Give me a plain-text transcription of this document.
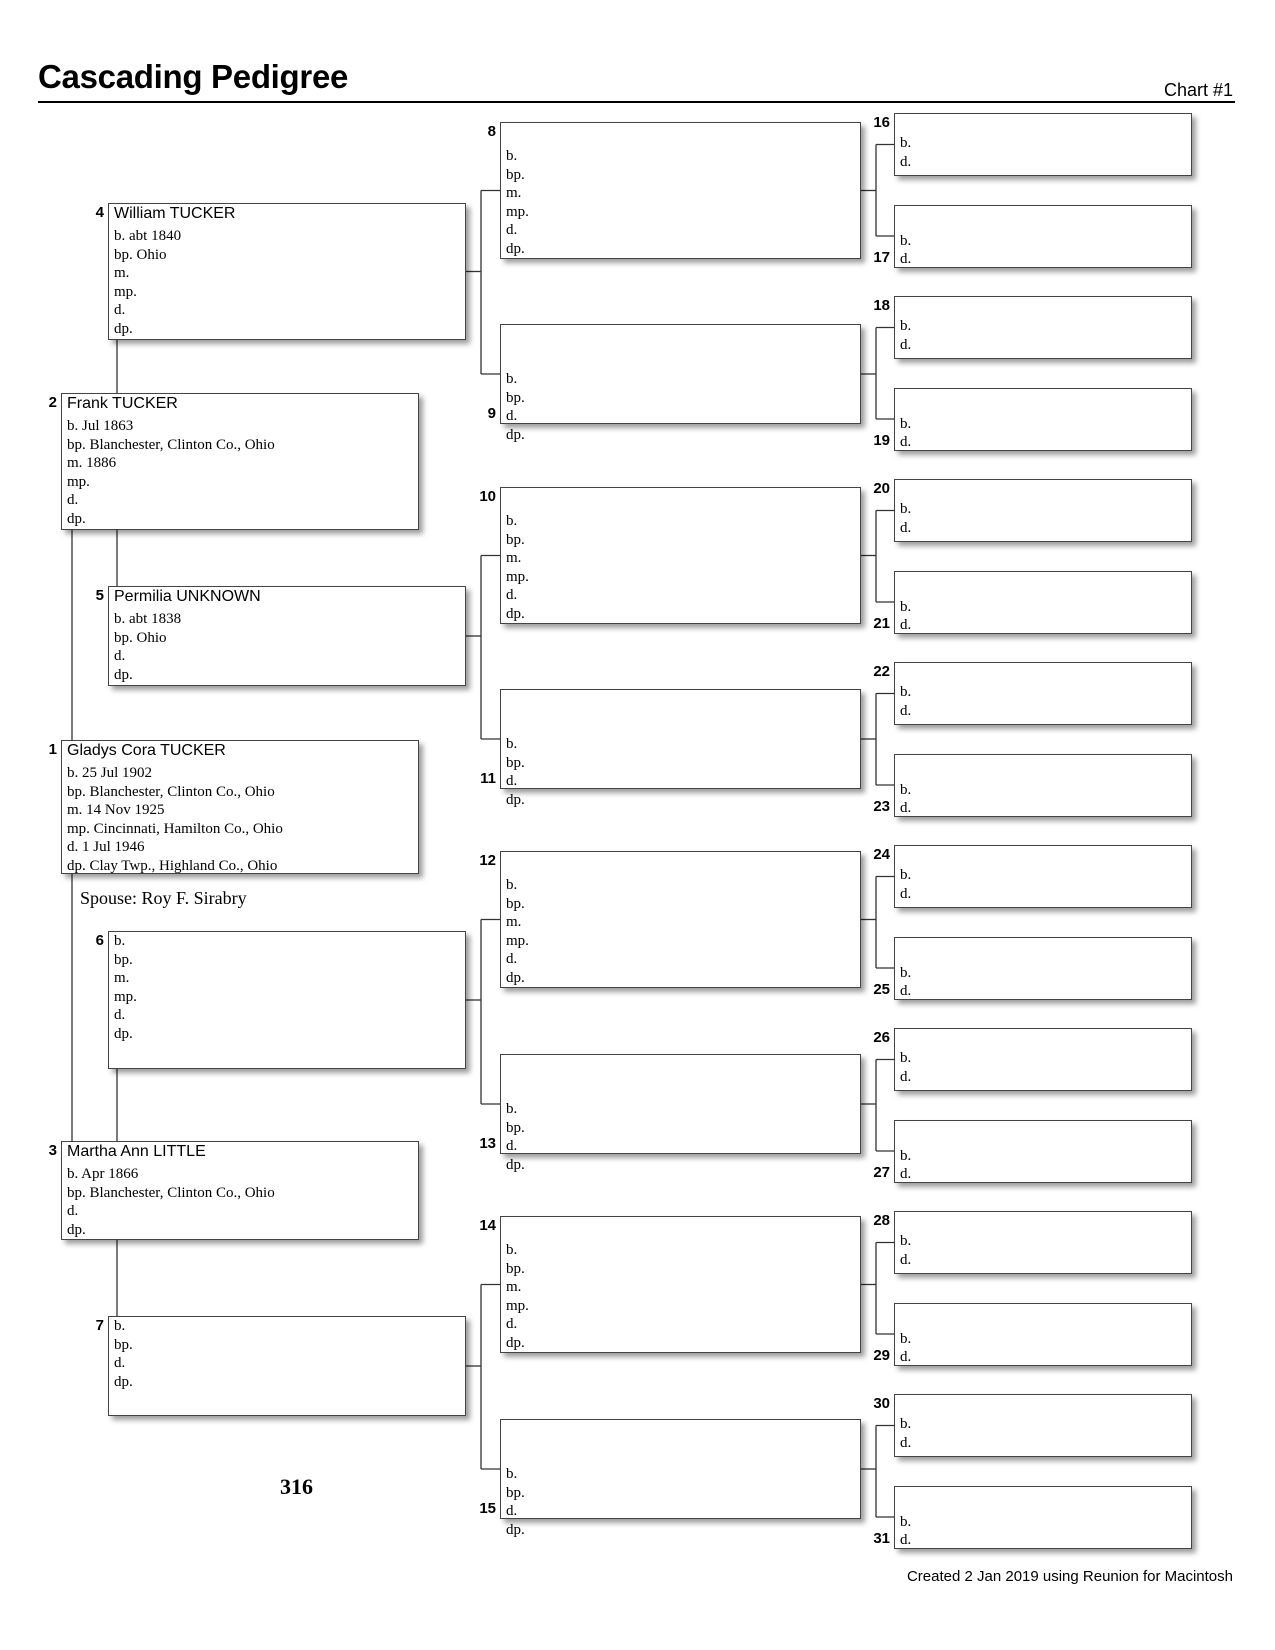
Cascading Pedigree	Chart #1
Gladys Cora TUCKER
b. 25 Jul 1902
bp. Blanchester, Clinton Co., Ohio
m. 14 Nov 1925
mp. Cincinnati, Hamilton Co., Ohio
d. 1 Jul 1946
dp. Clay Twp., Highland Co., Ohio
1
Frank TUCKER
b. Jul 1863
bp. Blanchester, Clinton Co., Ohio
m. 1886
mp.
d.
dp.
2
Martha Ann LITTLE
b. Apr 1866
bp. Blanchester, Clinton Co., Ohio
d.
dp.
3
William TUCKER
b. abt 1840
bp. Ohio
m.
mp.
d.
dp.
4
Permilia UNKNOWN
b. abt 1838
bp. Ohio
d.
dp.
5
b.
bp.
m.
mp.
d.
dp.
6
b.
bp.
d.
dp.
7
b.
bp.
m.
mp.
d.
dp.
8
b.
bp.
d.
dp.
9
b.
bp.
m.
mp.
d.
dp.
10
b.
bp.
d.
dp.
11
b.
bp.
m.
mp.
d.
dp.
12
b.
bp.
d.
dp.
13
b.
bp.
m.
mp.
d.
dp.
14
b.
bp.
d.
dp.
15
b.
d.
16
b.
d.
17
b.
d.
18
b.
d.
19
b.
d.
20
b.
d.
21
b.
d.
22
b.
d.
23
b.
d.
24
b.
d.
25
b.
d.
26
b.
d.
27
b.
d.
28
b.
d.
29
b.
d.
30
b.
d.
31
Spouse: Roy F. Sirabry
316
Created 2 Jan 2019 using Reunion for Macintosh
